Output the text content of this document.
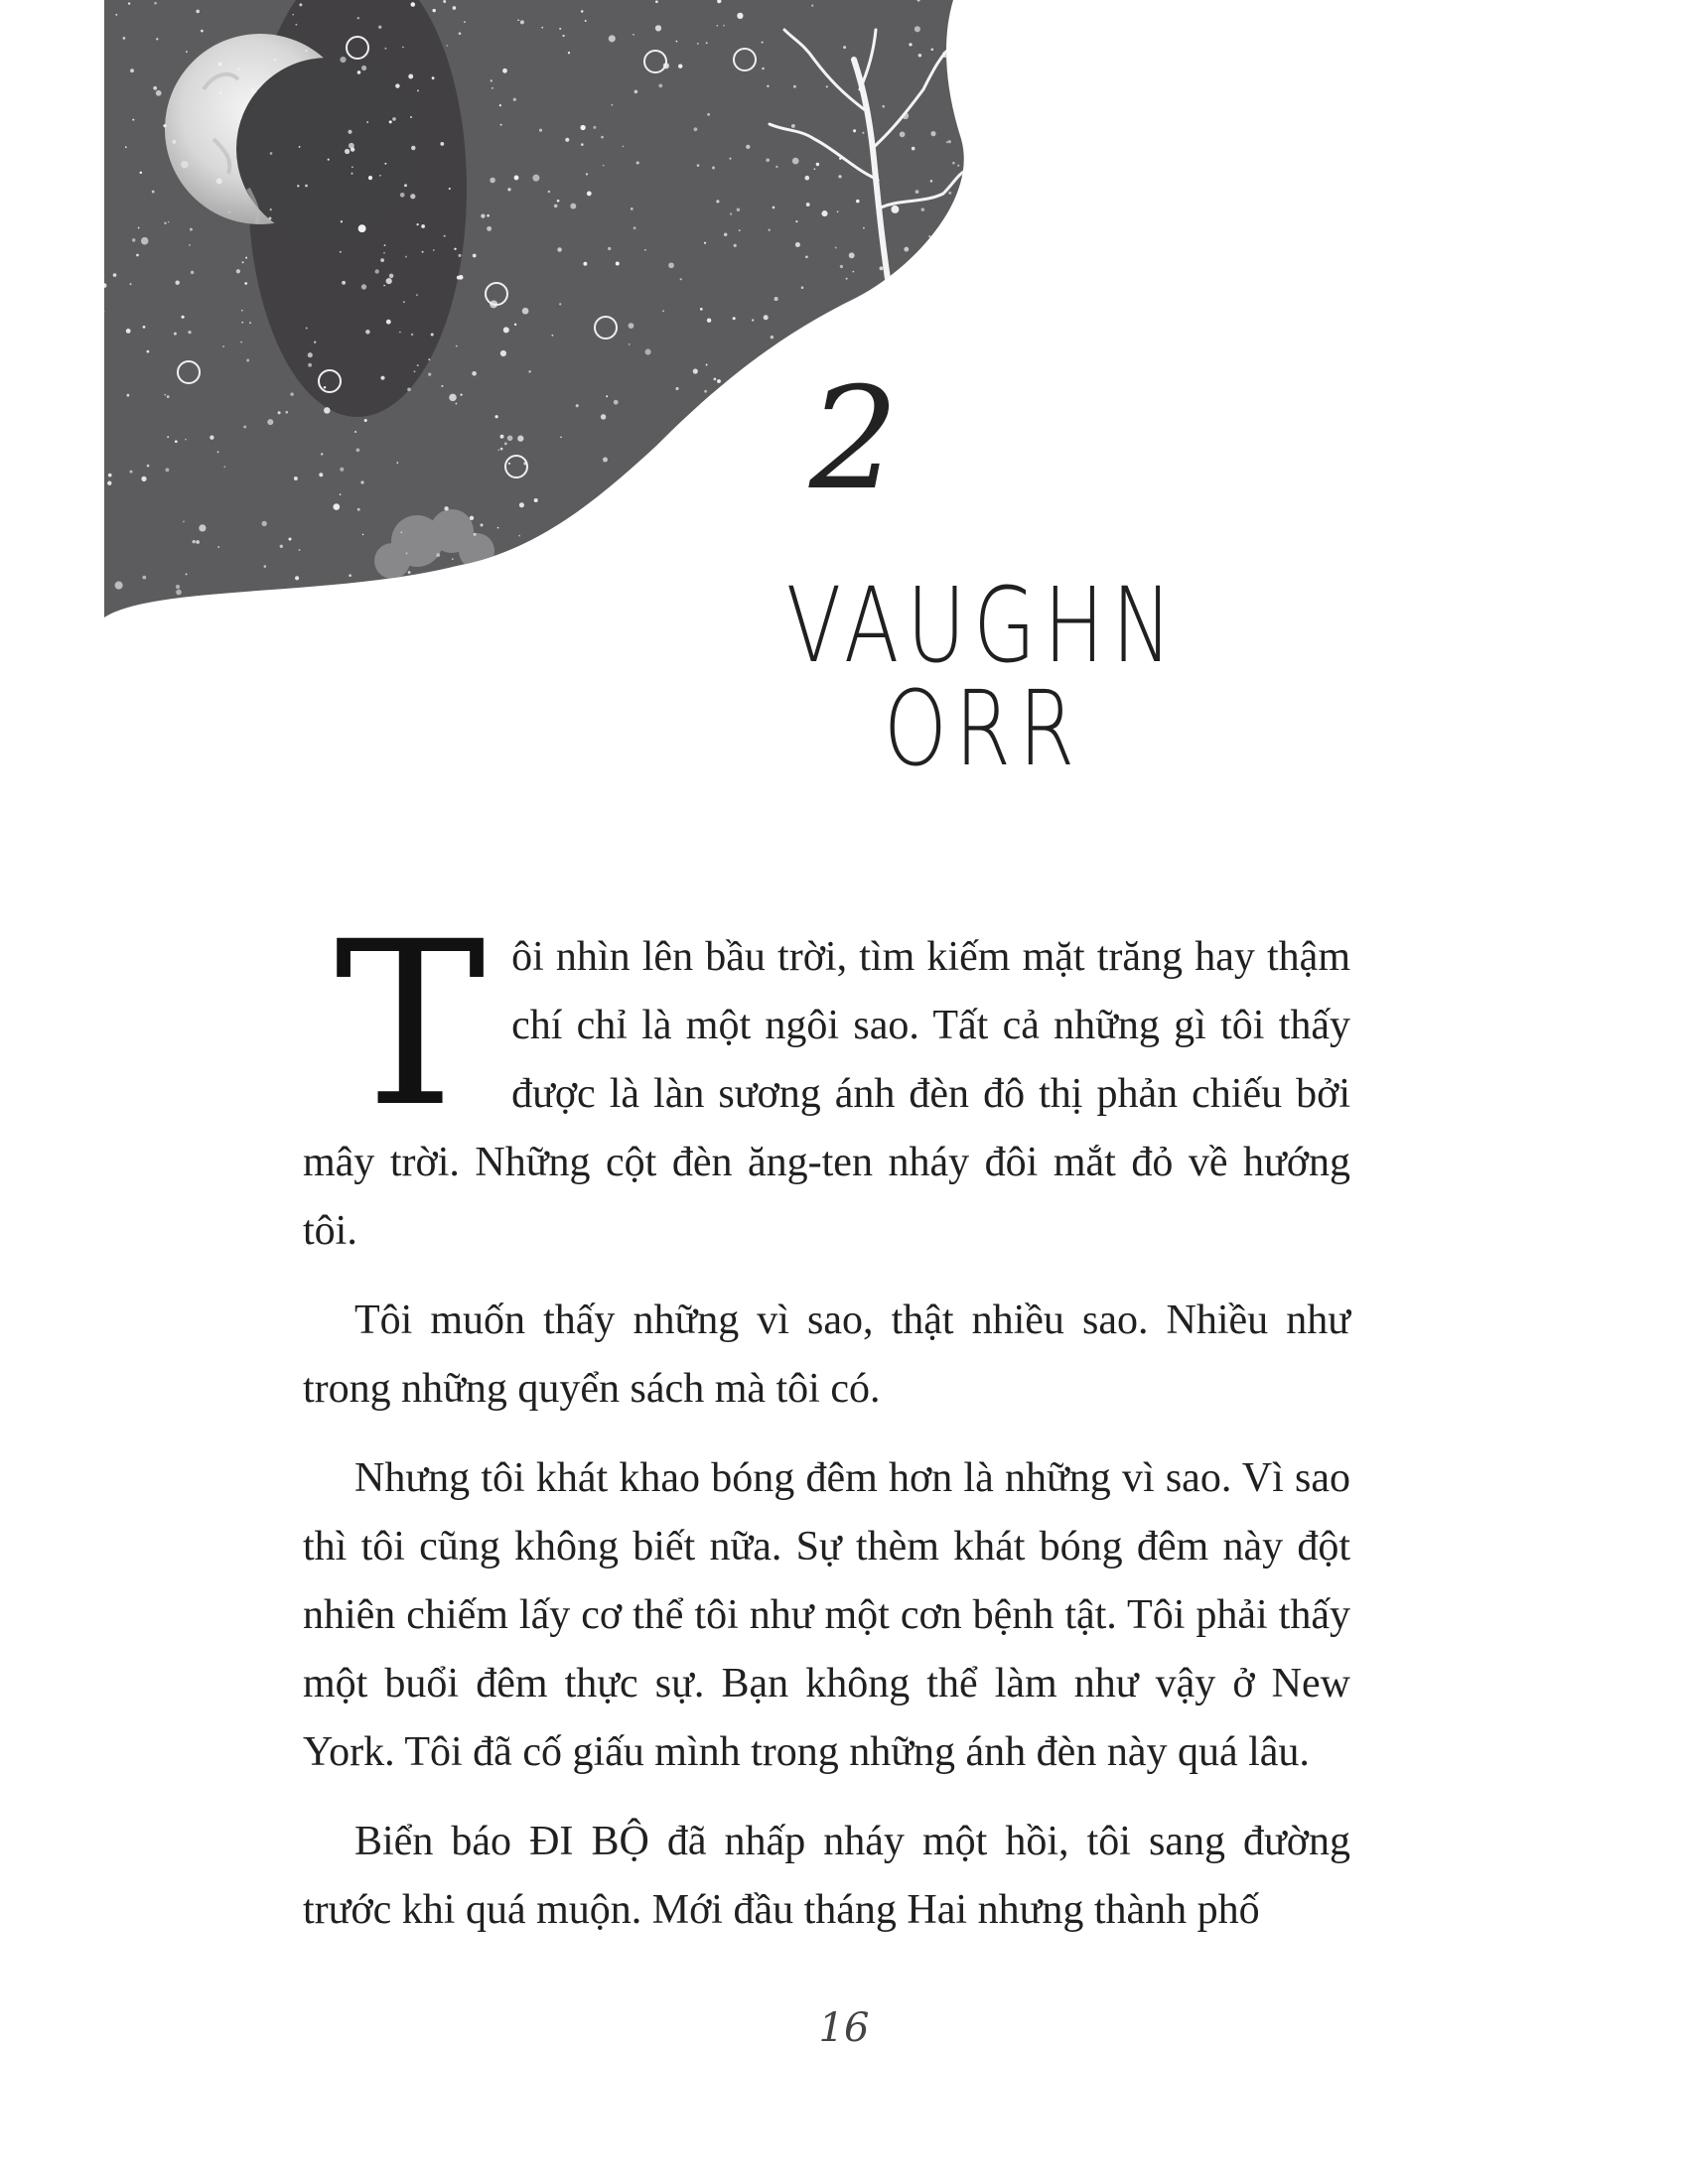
2
VAUGHN ORR

Tôi nhìn lên bầu trời, tìm kiếm mặt trăng hay thậm chí chỉ là một ngôi sao. Tất cả những gì tôi thấy được là làn sương ánh đèn đô thị phản chiếu bởi mây trời. Những cột đèn ăng-ten nháy đôi mắt đỏ về hướng tôi.

Tôi muốn thấy những vì sao, thật nhiều sao. Nhiều như trong những quyển sách mà tôi có.

Nhưng tôi khát khao bóng đêm hơn là những vì sao. Vì sao thì tôi cũng không biết nữa. Sự thèm khát bóng đêm này đột nhiên chiếm lấy cơ thể tôi như một cơn bệnh tật. Tôi phải thấy một buổi đêm thực sự. Bạn không thể làm như vậy ở New York. Tôi đã cố giấu mình trong những ánh đèn này quá lâu.

Biển báo ĐI BỘ đã nhấp nháy một hồi, tôi sang đường trước khi quá muộn. Mới đầu tháng Hai nhưng thành phố

16
